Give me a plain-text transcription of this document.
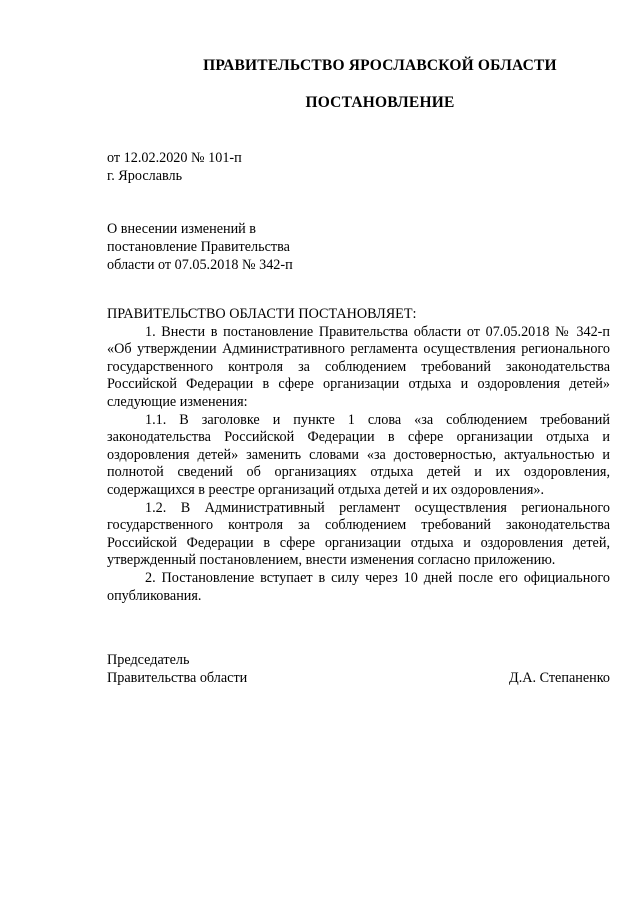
ПРАВИТЕЛЬСТВО ЯРОСЛАВСКОЙ ОБЛАСТИ
ПОСТАНОВЛЕНИЕ
от 12.02.2020 № 101-п
г. Ярославль
О внесении изменений в
постановление Правительства
области от 07.05.2018 № 342-п

ПРАВИТЕЛЬСТВО ОБЛАСТИ ПОСТАНОВЛЯЕТ:

1. Внести в постановление Правительства области от 07.05.2018 № 342-п «Об утверждении Административного регламента осуществления регионального государственного контроля за соблюдением требований законодательства Российской Федерации в сфере организации отдыха и оздоровления детей» следующие изменения:

1.1. В заголовке и пункте 1 слова «за соблюдением требований законодательства Российской Федерации в сфере организации отдыха и оздоровления детей» заменить словами «за достоверностью, актуальностью и полнотой сведений об организациях отдыха детей и их оздоровления, содержащихся в реестре организаций отдыха детей и их оздоровления».

1.2. В Административный регламент осуществления регионального государственного контроля за соблюдением требований законодательства Российской Федерации в сфере организации отдыха и оздоровления детей, утвержденный постановлением, внести изменения согласно приложению.

2. Постановление вступает в силу через 10 дней после его официального опубликования.

Председатель
Правительства области	Д.А. Степаненко
